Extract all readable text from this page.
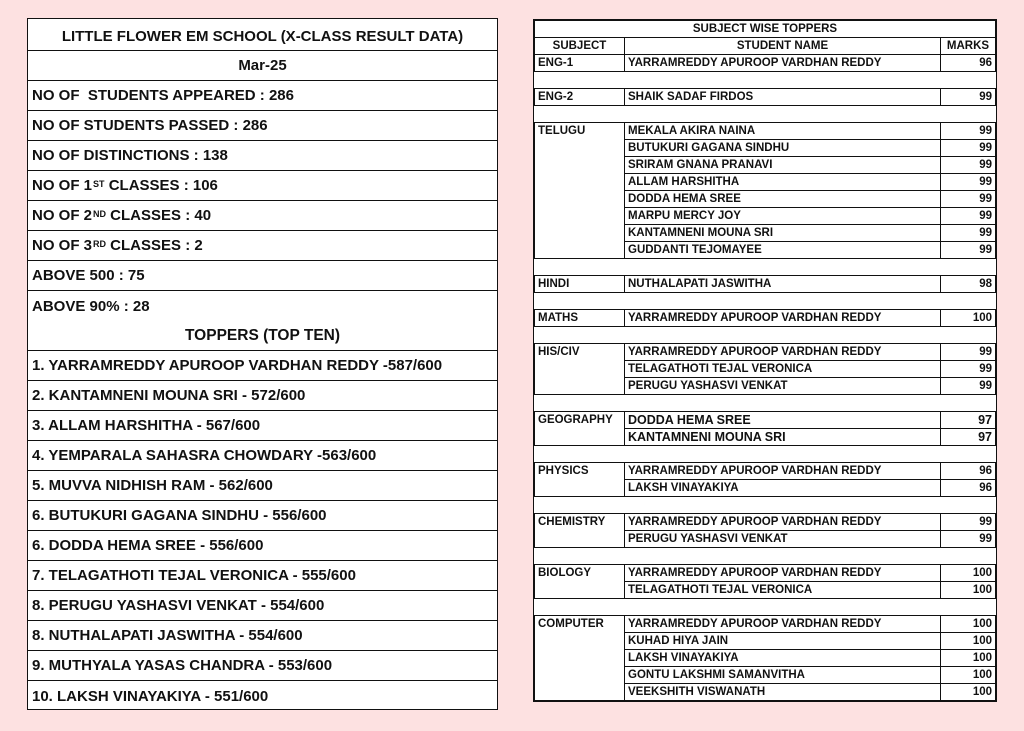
LITTLE FLOWER EM SCHOOL (X-CLASS RESULT DATA)
Mar-25
NO OF  STUDENTS APPEARED : 286
NO OF STUDENTS PASSED : 286
NO OF DISTINCTIONS : 138
NO OF 1ST CLASSES : 106
NO OF 2ND CLASSES : 40
NO OF 3RD CLASSES : 2
ABOVE 500 : 75
ABOVE 90% : 28
TOPPERS (TOP TEN)
1. YARRAMREDDY APUROOP VARDHAN REDDY -587/600
2. KANTAMNENI MOUNA SRI - 572/600
3. ALLAM HARSHITHA - 567/600
4. YEMPARALA SAHASRA CHOWDARY -563/600
5. MUVVA NIDHISH RAM - 562/600
6. BUTUKURI GAGANA SINDHU - 556/600
6. DODDA HEMA SREE - 556/600
7. TELAGATHOTI TEJAL VERONICA - 555/600
8. PERUGU YASHASVI VENKAT - 554/600
8. NUTHALAPATI JASWITHA - 554/600
9. MUTHYALA YASAS CHANDRA - 553/600
10. LAKSH VINAYAKIYA - 551/600
SUBJECT WISE TOPPERS		
SUBJECT	STUDENT NAME	MARKS
ENG-1	YARRAMREDDY APUROOP VARDHAN REDDY	96

ENG-2	SHAIK SADAF FIRDOS	99

TELUGU	MEKALA AKIRA NAINA	99
	BUTUKURI GAGANA SINDHU	99
	SRIRAM GNANA PRANAVI	99
	ALLAM HARSHITHA	99
	DODDA HEMA SREE	99
	MARPU MERCY JOY	99
	KANTAMNENI MOUNA SRI	99
	GUDDANTI TEJOMAYEE	99

HINDI	NUTHALAPATI JASWITHA	98

MATHS	YARRAMREDDY APUROOP VARDHAN REDDY	100

HIS/CIV	YARRAMREDDY APUROOP VARDHAN REDDY	99
	TELAGATHOTI TEJAL VERONICA	99
	PERUGU YASHASVI VENKAT	99

GEOGRAPHY	DODDA HEMA SREE	97
	KANTAMNENI MOUNA SRI	97

PHYSICS	YARRAMREDDY APUROOP VARDHAN REDDY	96
	LAKSH VINAYAKIYA	96

CHEMISTRY	YARRAMREDDY APUROOP VARDHAN REDDY	99
	PERUGU YASHASVI VENKAT	99

BIOLOGY	YARRAMREDDY APUROOP VARDHAN REDDY	100
	TELAGATHOTI TEJAL VERONICA	100

COMPUTER	YARRAMREDDY APUROOP VARDHAN REDDY	100
	KUHAD HIYA JAIN	100
	LAKSH VINAYAKIYA	100
	GONTU LAKSHMI SAMANVITHA	100
	VEEKSHITH VISWANATH	100
